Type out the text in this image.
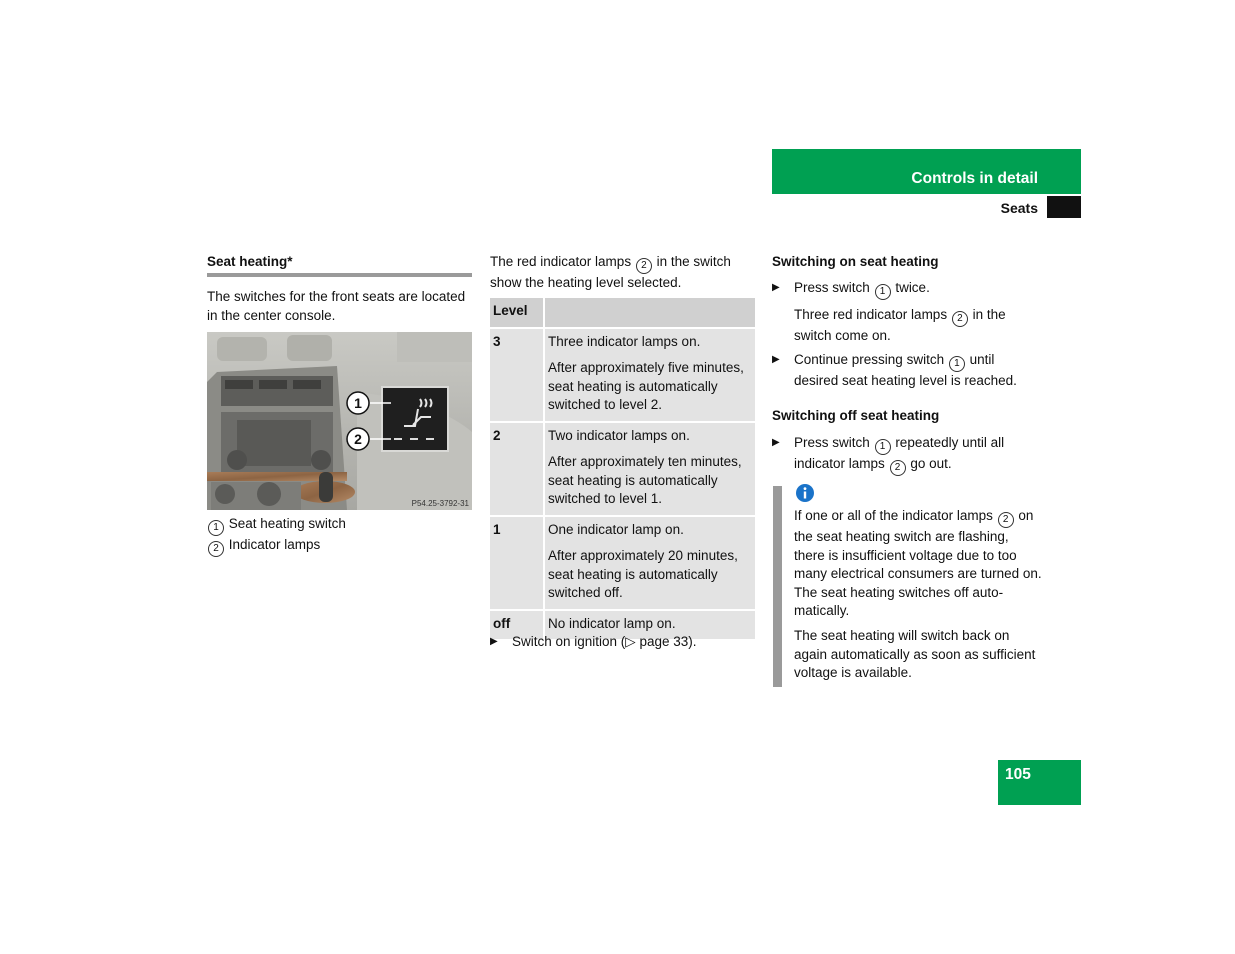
Controls in detail
Seats
Seat heating*
The switches for the front seats are located in the center console.
1
2
P54.25-3792-31
1 Seat heating switch
2 Indicator lamps
The red indicator lamps 2 in the switch show the heating level selected.
Level	
3	Three indicator lamps on.

After approximately five minutes, seat heating is automatically switched to level 2.

2	Two indicator lamps on.

After approximately ten minutes, seat heating is automatically switched to level 1.

1	One indicator lamp on.

After approximately 20 minutes, seat heating is automatically switched off.

off	No indicator lamp on.

▶	Switch on ignition (▷ page 33).
Switching on seat heating
▶	Press switch 1 twice.
Three red indicator lamps 2 in the switch come on.
▶	Continue pressing switch 1 until desired seat heating level is reached.
Switching off seat heating
▶	Press switch 1 repeatedly until all indicator lamps 2 go out.
If one or all of the indicator lamps 2 on the seat heating switch are flashing, there is insufficient voltage due to too many electrical consumers are turned on. The seat heating switches off auto-matically.
The seat heating will switch back on again automatically as soon as sufficient voltage is available.
105
